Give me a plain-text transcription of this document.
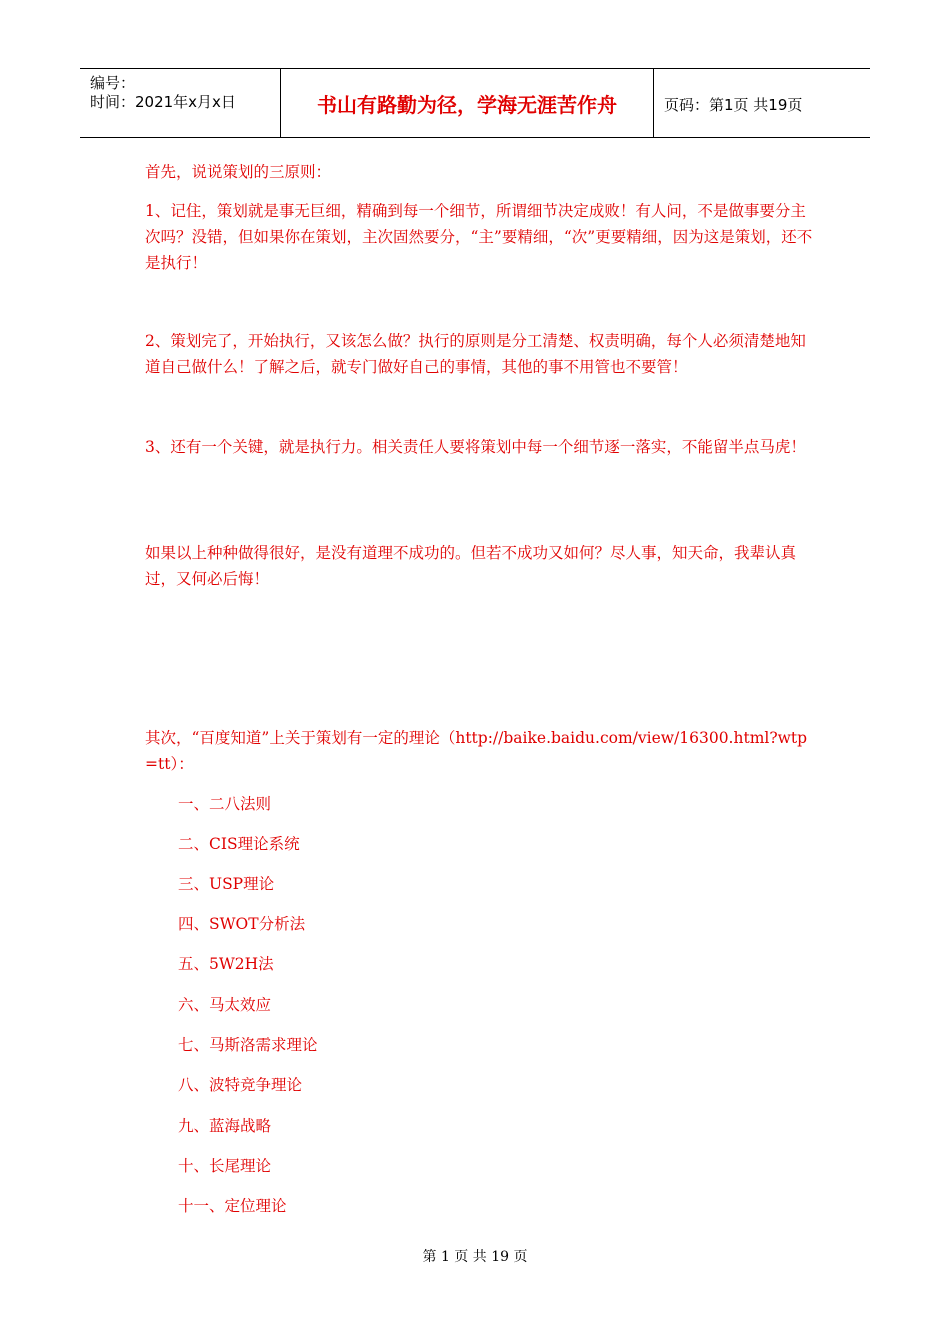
编号：
时间：2021年x月x日	书山有路勤为径，学海无涯苦作舟	页码：第1页 共19页
首先，说说策划的三原则：
1、记住，策划就是事无巨细，精确到每一个细节，所谓细节决定成败！有人问，不是做事要分主次吗？没错，但如果你在策划，主次固然要分，“主”要精细，“次”更要精细，因为这是策划，还不是执行！
2、策划完了，开始执行，又该怎么做？执行的原则是分工清楚、权责明确，每个人必须清楚地知道自己做什么！了解之后，就专门做好自己的事情，其他的事不用管也不要管！
3、还有一个关键，就是执行力。相关责任人要将策划中每一个细节逐一落实，不能留半点马虎！
如果以上种种做得很好，是没有道理不成功的。但若不成功又如何？尽人事，知天命，我辈认真过，又何必后悔！
其次，“百度知道”上关于策划有一定的理论（http://baike.baidu.com/view/16300.html?wtp=tt）：
一、二八法则
二、CIS理论系统
三、USP理论
四、SWOT分析法
五、5W2H法
六、马太效应
七、马斯洛需求理论
八、波特竞争理论
九、蓝海战略
十、长尾理论
十一、定位理论
第 1 页 共 19 页
